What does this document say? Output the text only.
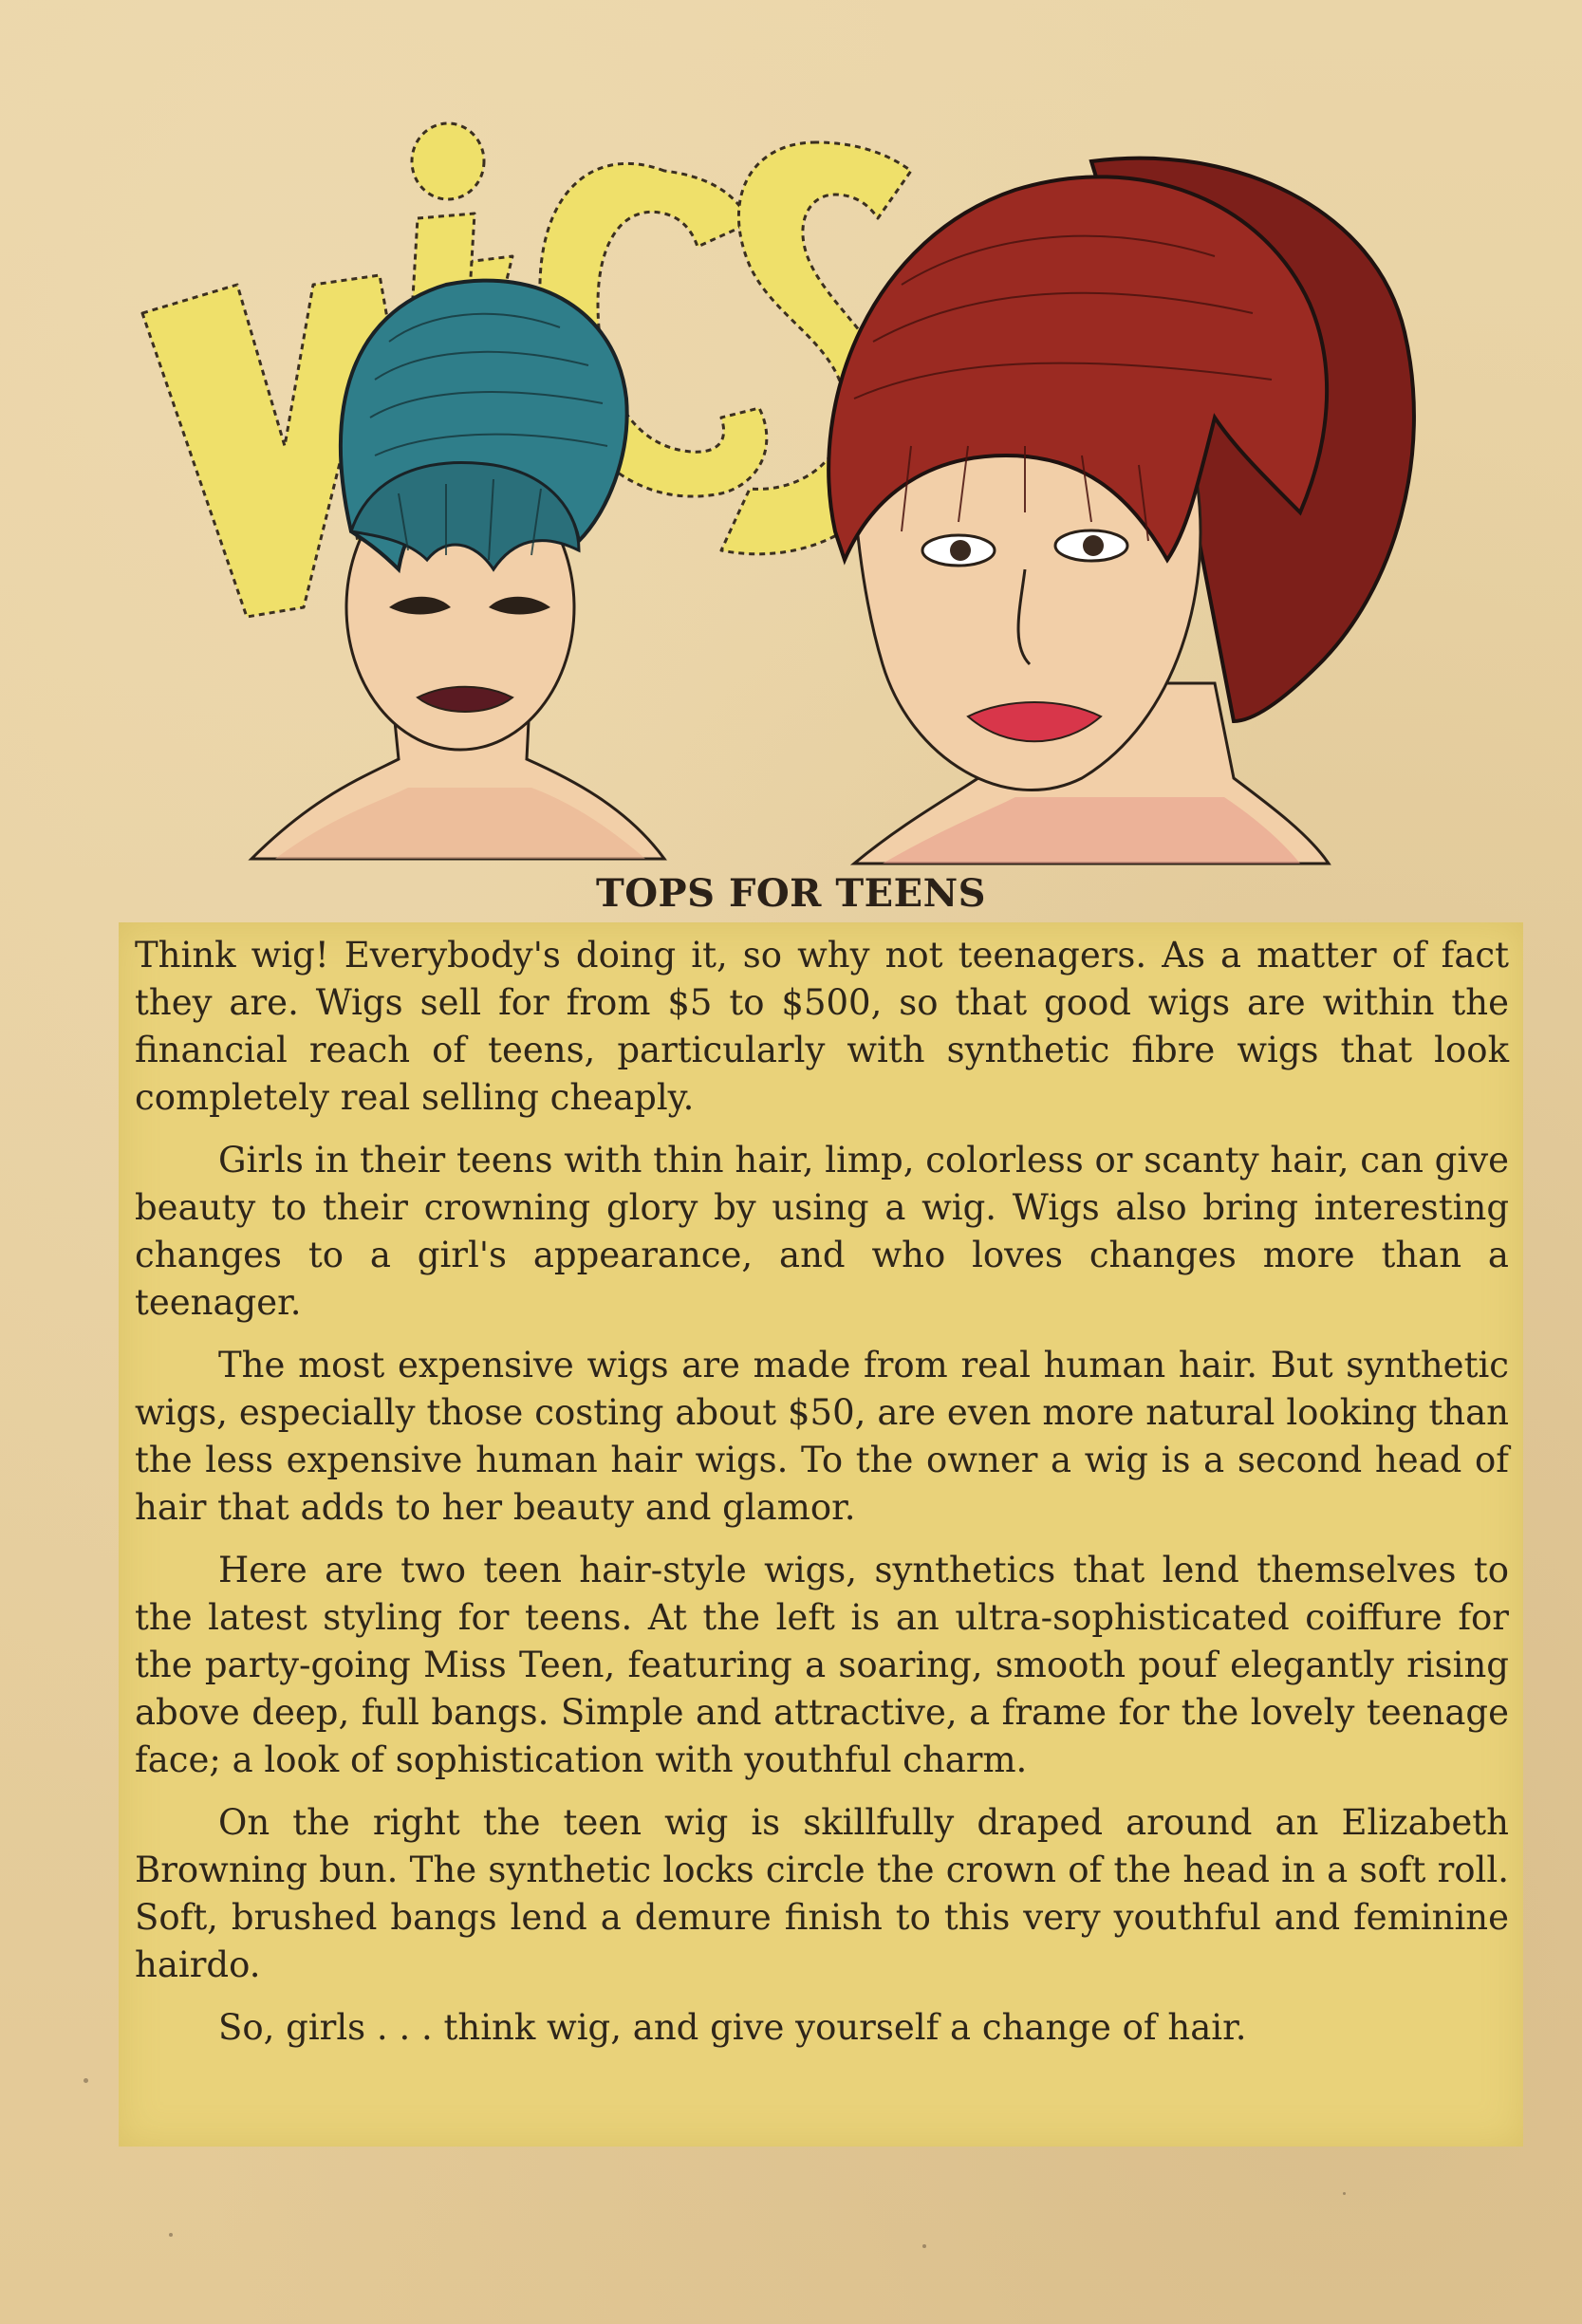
TOPS FOR TEENS

Think wig! Everybody's doing it, so why not teenagers. As a matter of fact they are. Wigs sell for from $5 to $500, so that good wigs are within the financial reach of teens, particularly with synthetic fibre wigs that look completely real selling cheaply.

Girls in their teens with thin hair, limp, colorless or scanty hair, can give beauty to their crowning glory by using a wig. Wigs also bring interesting changes to a girl's appearance, and who loves changes more than a teenager.

The most expensive wigs are made from real human hair. But synthetic wigs, especially those costing about $50, are even more natural looking than the less expensive human hair wigs. To the owner a wig is a second head of hair that adds to her beauty and glamor.

Here are two teen hair-style wigs, synthetics that lend themselves to the latest styling for teens. At the left is an ultra-sophisticated coiffure for the party-going Miss Teen, featuring a soaring, smooth pouf elegantly rising above deep, full bangs. Simple and attractive, a frame for the lovely teenage face; a look of sophistication with youthful charm.

On the right the teen wig is skillfully draped around an Elizabeth Browning bun. The synthetic locks circle the crown of the head in a soft roll. Soft, brushed bangs lend a demure finish to this very youthful and feminine hairdo.

So, girls . . . think wig, and give yourself a change of hair.
